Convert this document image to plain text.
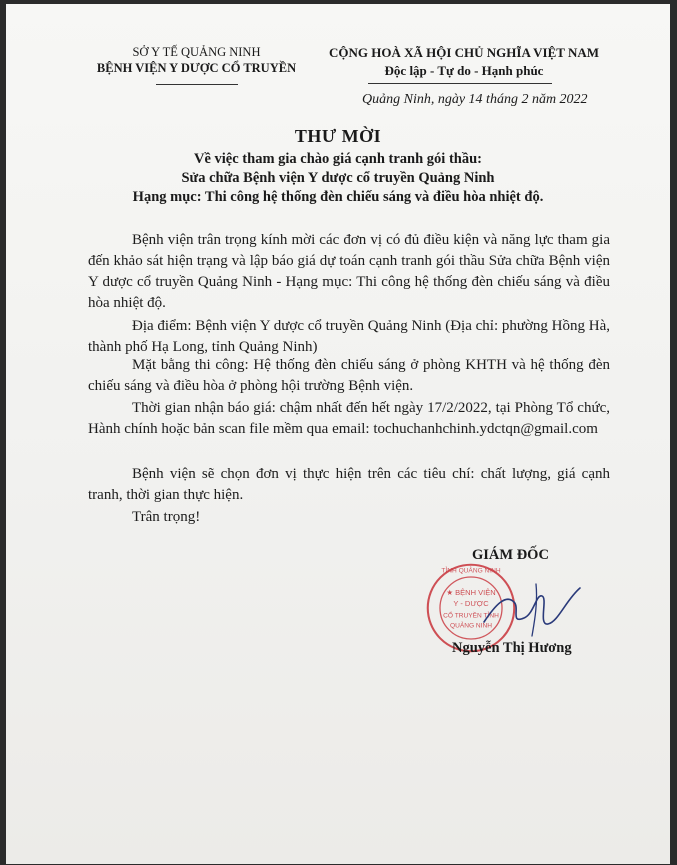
SỞ Y TẾ QUẢNG NINH
BỆNH VIỆN Y DƯỢC CỔ TRUYỀN
CỘNG HOÀ XÃ HỘI CHỦ NGHĨA VIỆT NAM
Độc lập - Tự do - Hạnh phúc
Quảng Ninh, ngày 14 tháng 2 năm 2022
THƯ MỜI
Về việc tham gia chào giá cạnh tranh gói thầu:
Sửa chữa Bệnh viện Y dược cổ truyền Quảng Ninh
Hạng mục: Thi công hệ thống đèn chiếu sáng và điều hòa nhiệt độ.
Bệnh viện trân trọng kính mời các đơn vị có đủ điều kiện và năng lực tham gia đến khảo sát hiện trạng và lập báo giá dự toán cạnh tranh gói thầu Sửa chữa Bệnh viện Y dược cổ truyền Quảng Ninh - Hạng mục: Thi công hệ thống đèn chiếu sáng và điều hòa nhiệt độ.
Địa điểm: Bệnh viện Y dược cổ truyền Quảng Ninh (Địa chỉ: phường Hồng Hà, thành phố Hạ Long, tỉnh Quảng Ninh)
Mặt bằng thi công: Hệ thống đèn chiếu sáng ở phòng KHTH và hệ thống đèn chiếu sáng và điều hòa ở phòng hội trường Bệnh viện.
Thời gian nhận báo giá: chậm nhất đến hết ngày 17/2/2022, tại Phòng Tổ chức, Hành chính hoặc bản scan file mềm qua email: tochuchanhchinh.ydctqn@gmail.com
Bệnh viện sẽ chọn đơn vị thực hiện trên các tiêu chí: chất lượng, giá cạnh tranh, thời gian thực hiện.
Trân trọng!
GIÁM ĐỐC
★ BỆNH VIỆN
Y - DƯỢC
CỔ TRUYỀN TỈNH
QUẢNG NINH
TỈNH QUẢNG NINH
Nguyễn Thị Hương
